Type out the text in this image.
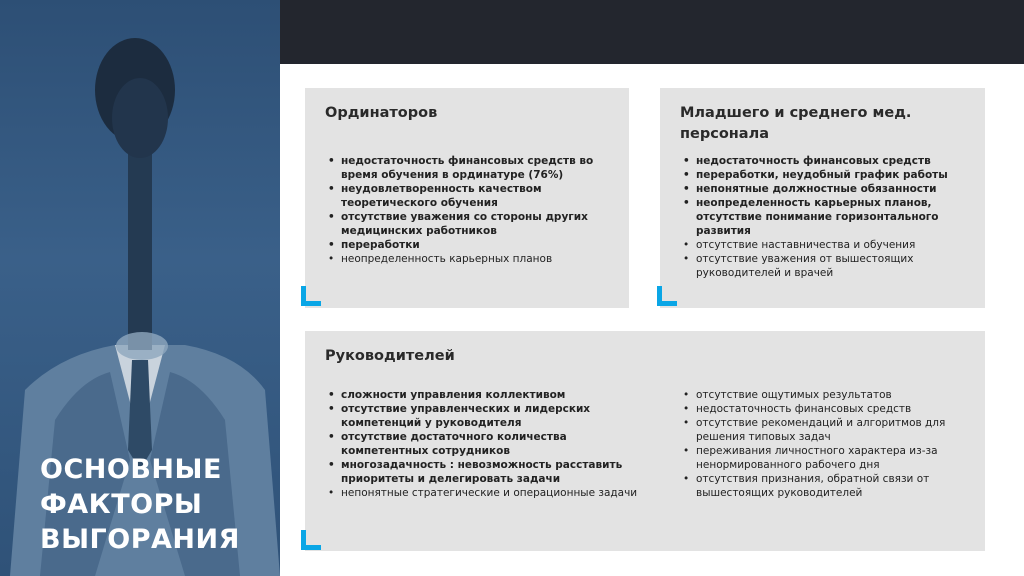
ОСНОВНЫЕ
ФАКТОРЫ
ВЫГОРАНИЯ
Ординаторов
• недостаточность финансовых средств во время обучения в ординатуре (76%)
• неудовлетворенность качеством теоретического обучения
• отсутствие уважения со стороны других медицинских работников
• переработки
• неопределенность карьерных планов
Младшего и среднего мед. персонала
• недостаточность финансовых средств
• переработки, неудобный график работы
• непонятные должностные обязанности
• неопределенность карьерных планов, отсутствие понимание горизонтального развития
• отсутствие наставничества и обучения
• отсутствие уважения от вышестоящих руководителей и врачей
Руководителей
• сложности управления коллективом
• отсутствие управленческих и лидерских компетенций у руководителя
• отсутствие достаточного количества компетентных сотрудников
• многозадачность : невозможность расставить приоритеты и делегировать задачи
• непонятные стратегические и операционные задачи
• отсутствие ощутимых результатов
• недостаточность финансовых средств
• отсутствие рекомендаций и алгоритмов для решения типовых задач
• переживания личностного характера из-за ненормированного рабочего дня
• отсутствия признания, обратной связи от вышестоящих руководителей
